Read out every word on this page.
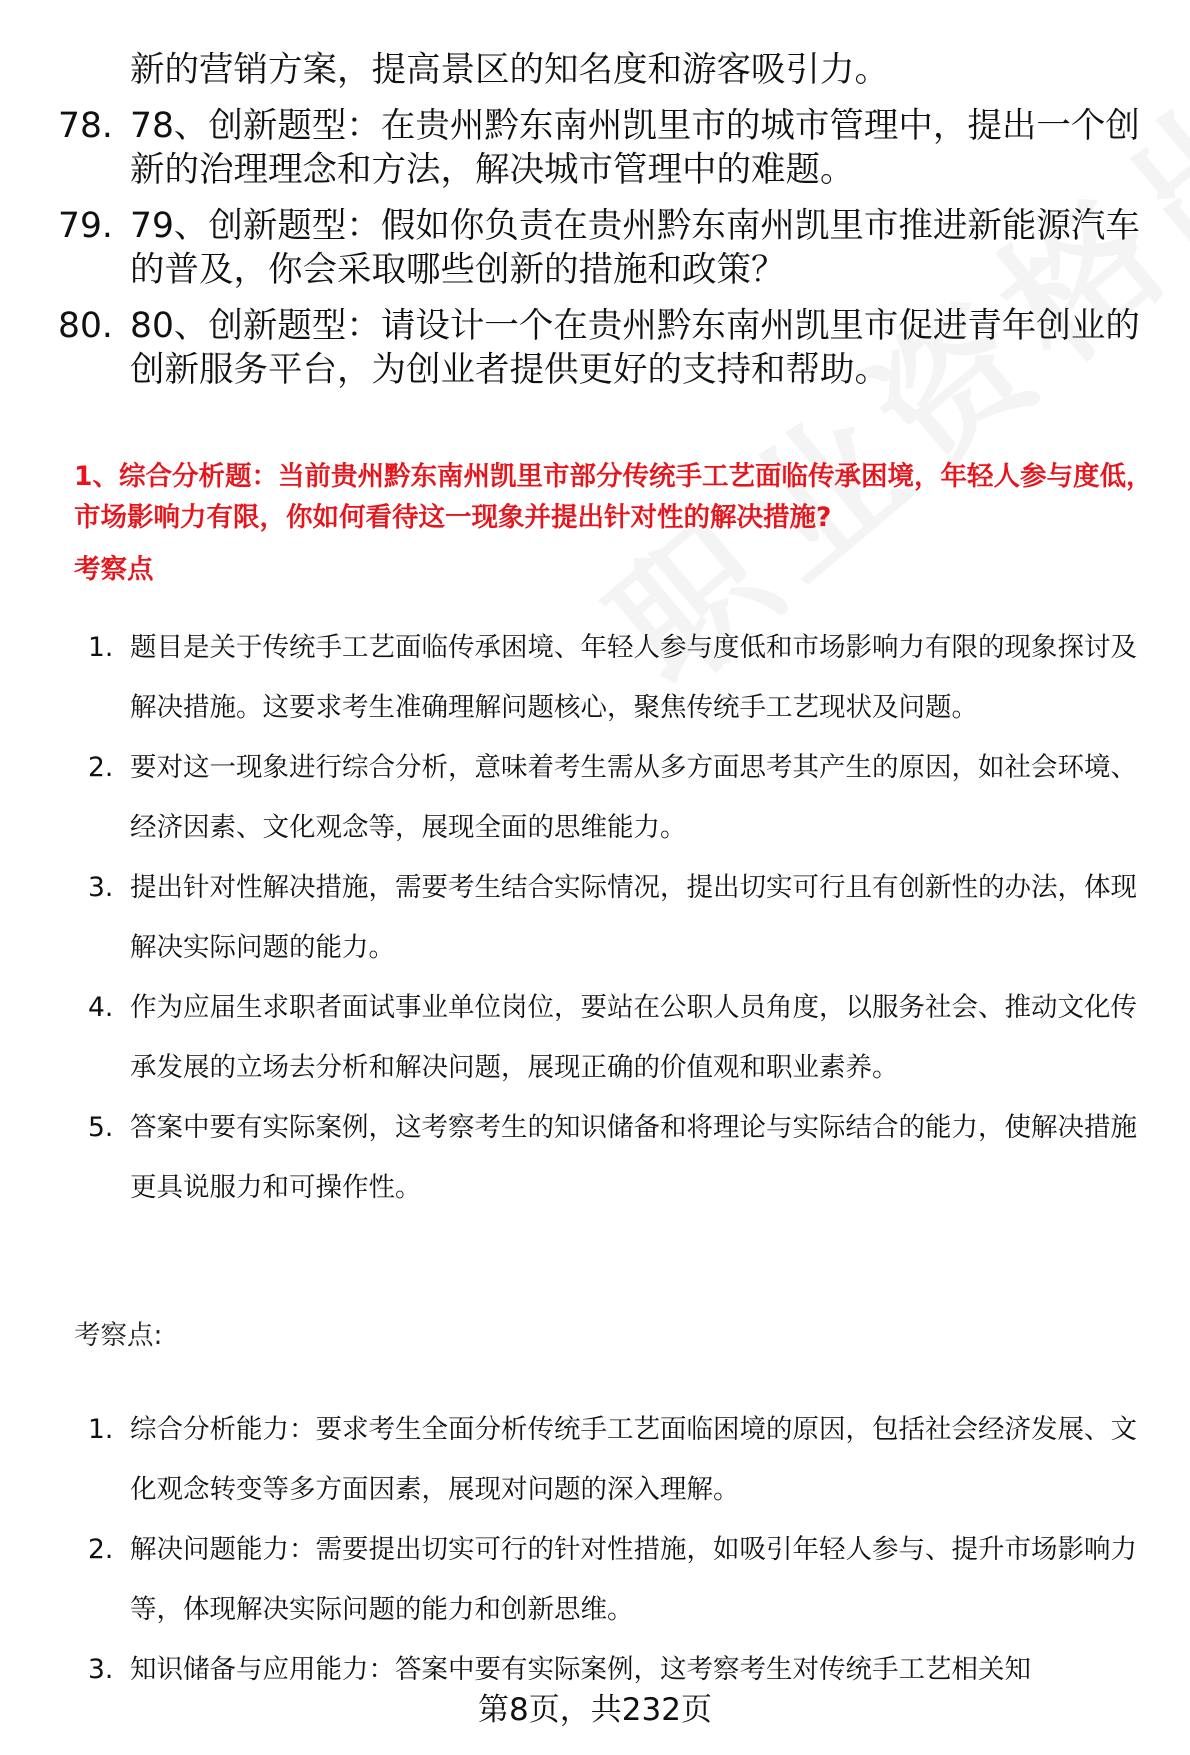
新的营销方案，提高景区的知名度和游客吸引力。
78. 78、创新题型：在贵州黔东南州凯里市的城市管理中，提出一个创新的治理理念和方法，解决城市管理中的难题。
79. 79、创新题型：假如你负责在贵州黔东南州凯里市推进新能源汽车的普及，你会采取哪些创新的措施和政策？
80. 80、创新题型：请设计一个在贵州黔东南州凯里市促进青年创业的创新服务平台，为创业者提供更好的支持和帮助。
1、综合分析题：当前贵州黔东南州凯里市部分传统手工艺面临传承困境，年轻人参与度低，市场影响力有限，你如何看待这一现象并提出针对性的解决措施?
考察点
1. 题目是关于传统手工艺面临传承困境、年轻人参与度低和市场影响力有限的现象探讨及解决措施。这要求考生准确理解问题核心，聚焦传统手工艺现状及问题。
2. 要对这一现象进行综合分析，意味着考生需从多方面思考其产生的原因，如社会环境、经济因素、文化观念等，展现全面的思维能力。
3. 提出针对性解决措施，需要考生结合实际情况，提出切实可行且有创新性的办法，体现解决实际问题的能力。
4. 作为应届生求职者面试事业单位岗位，要站在公职人员角度，以服务社会、推动文化传承发展的立场去分析和解决问题，展现正确的价值观和职业素养。
5. 答案中要有实际案例，这考察考生的知识储备和将理论与实际结合的能力，使解决措施更具说服力和可操作性。
考察点:
1. 综合分析能力：要求考生全面分析传统手工艺面临困境的原因，包括社会经济发展、文化观念转变等多方面因素，展现对问题的深入理解。
2. 解决问题能力：需要提出切实可行的针对性措施，如吸引年轻人参与、提升市场影响力等，体现解决实际问题的能力和创新思维。
3. 知识储备与应用能力：答案中要有实际案例，这考察考生对传统手工艺相关知
第8页，共232页
